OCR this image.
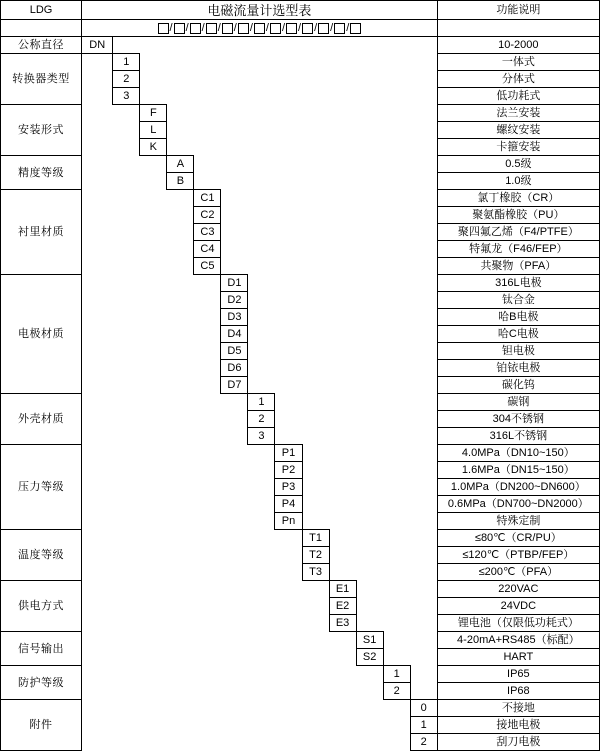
LDG	电磁流量计选型表													功能说明
	/ / / / / / / / / / / /													
公称直径	DN													10-2000
转换器类型		1												一体式
		2												分体式
		3												低功耗式
安装形式			F											法兰安装
			L											螺纹安装
			K											卡箍安装
精度等级				A										0.5级
				B										1.0级
衬里材质					C1									氯丁橡胶（CR）
					C2									聚氨酯橡胶（PU）
					C3									聚四氟乙烯（F4/PTFE）
					C4									特氟龙（F46/FEP）
					C5									共聚物（PFA）
电极材质						D1								316L电极
						D2								钛合金
						D3								哈B电极
						D4								哈C电极
						D5								钽电极
						D6								铂铱电极
						D7								碳化钨
外壳材质							1							碳钢
							2							304不锈钢
							3							316L不锈钢
压力等级								P1						4.0MPa（DN10~150）
								P2						1.6MPa（DN15~150）
								P3						1.0MPa（DN200~DN600）
								P4						0.6MPa（DN700~DN2000）
								Pn						特殊定制
温度等级									T1					≤80℃（CR/PU）
									T2					≤120℃（PTBP/FEP）
									T3					≤200℃（PFA）
供电方式										E1				220VAC
										E2				24VDC
										E3				锂电池（仅限低功耗式）
信号输出											S1			4-20mA+RS485（标配）
											S2			HART
防护等级												1		IP65
												2		IP68
附件													0	不接地
													1	接地电极
													2	刮刀电极
